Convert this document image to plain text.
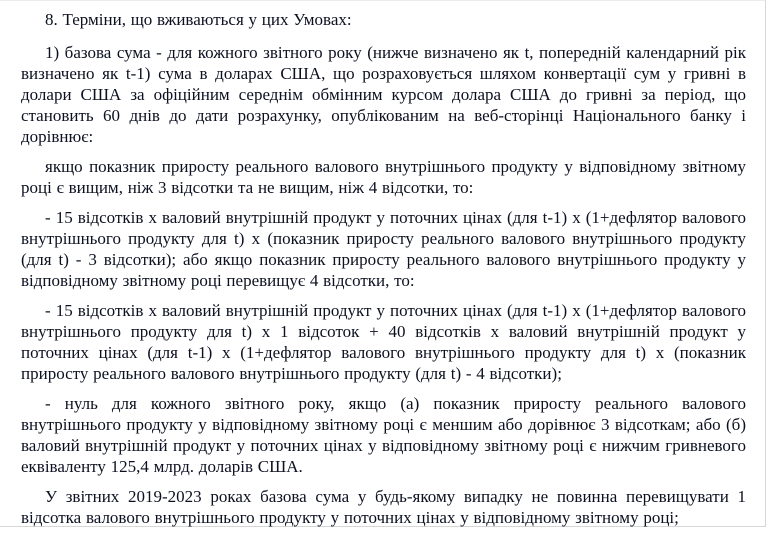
8. Терміни, що вживаються у цих Умовах:

1) базова сума - для кожного звітного року (нижче визначено як t, попередній календарний рік визначено як t-1) сума в доларах США, що розраховується шляхом конвертації сум у гривні в долари США за офіційним середнім обмінним курсом долара США до гривні за період, що становить 60 днів до дати розрахунку, опублікованим на веб-сторінці Національного банку і дорівнює:

якщо показник приросту реального валового внутрішнього продукту у відповідному звітному році є вищим, ніж 3 відсотки та не вищим, ніж 4 відсотки, то:

- 15 відсотків х валовий внутрішній продукт у поточних цінах (для t-1) х (1+дефлятор валового внутрішнього продукту для t) х (показник приросту реального валового внутрішнього продукту (для t) - 3 відсотки); або якщо показник приросту реального валового внутрішнього продукту у відповідному звітному році перевищує 4 відсотки, то:

- 15 відсотків х валовий внутрішній продукт у поточних цінах (для t-1) х (1+дефлятор валового внутрішнього продукту для t) х 1 відсоток + 40 відсотків х валовий внутрішній продукт у поточних цінах (для t-1) х (1+дефлятор валового внутрішнього продукту для t) х (показник приросту реального валового внутрішнього продукту (для t) - 4 відсотки);

- нуль для кожного звітного року, якщо (а) показник приросту реального валового внутрішнього продукту у відповідному звітному році є меншим або дорівнює 3 відсоткам; або (б) валовий внутрішній продукт у поточних цінах у відповідному звітному році є нижчим гривневого еквіваленту 125,4 млрд. доларів США.

У звітних 2019-2023 роках базова сума у будь-якому випадку не повинна перевищувати 1 відсотка валового внутрішнього продукту у поточних цінах у відповідному звітному році;
